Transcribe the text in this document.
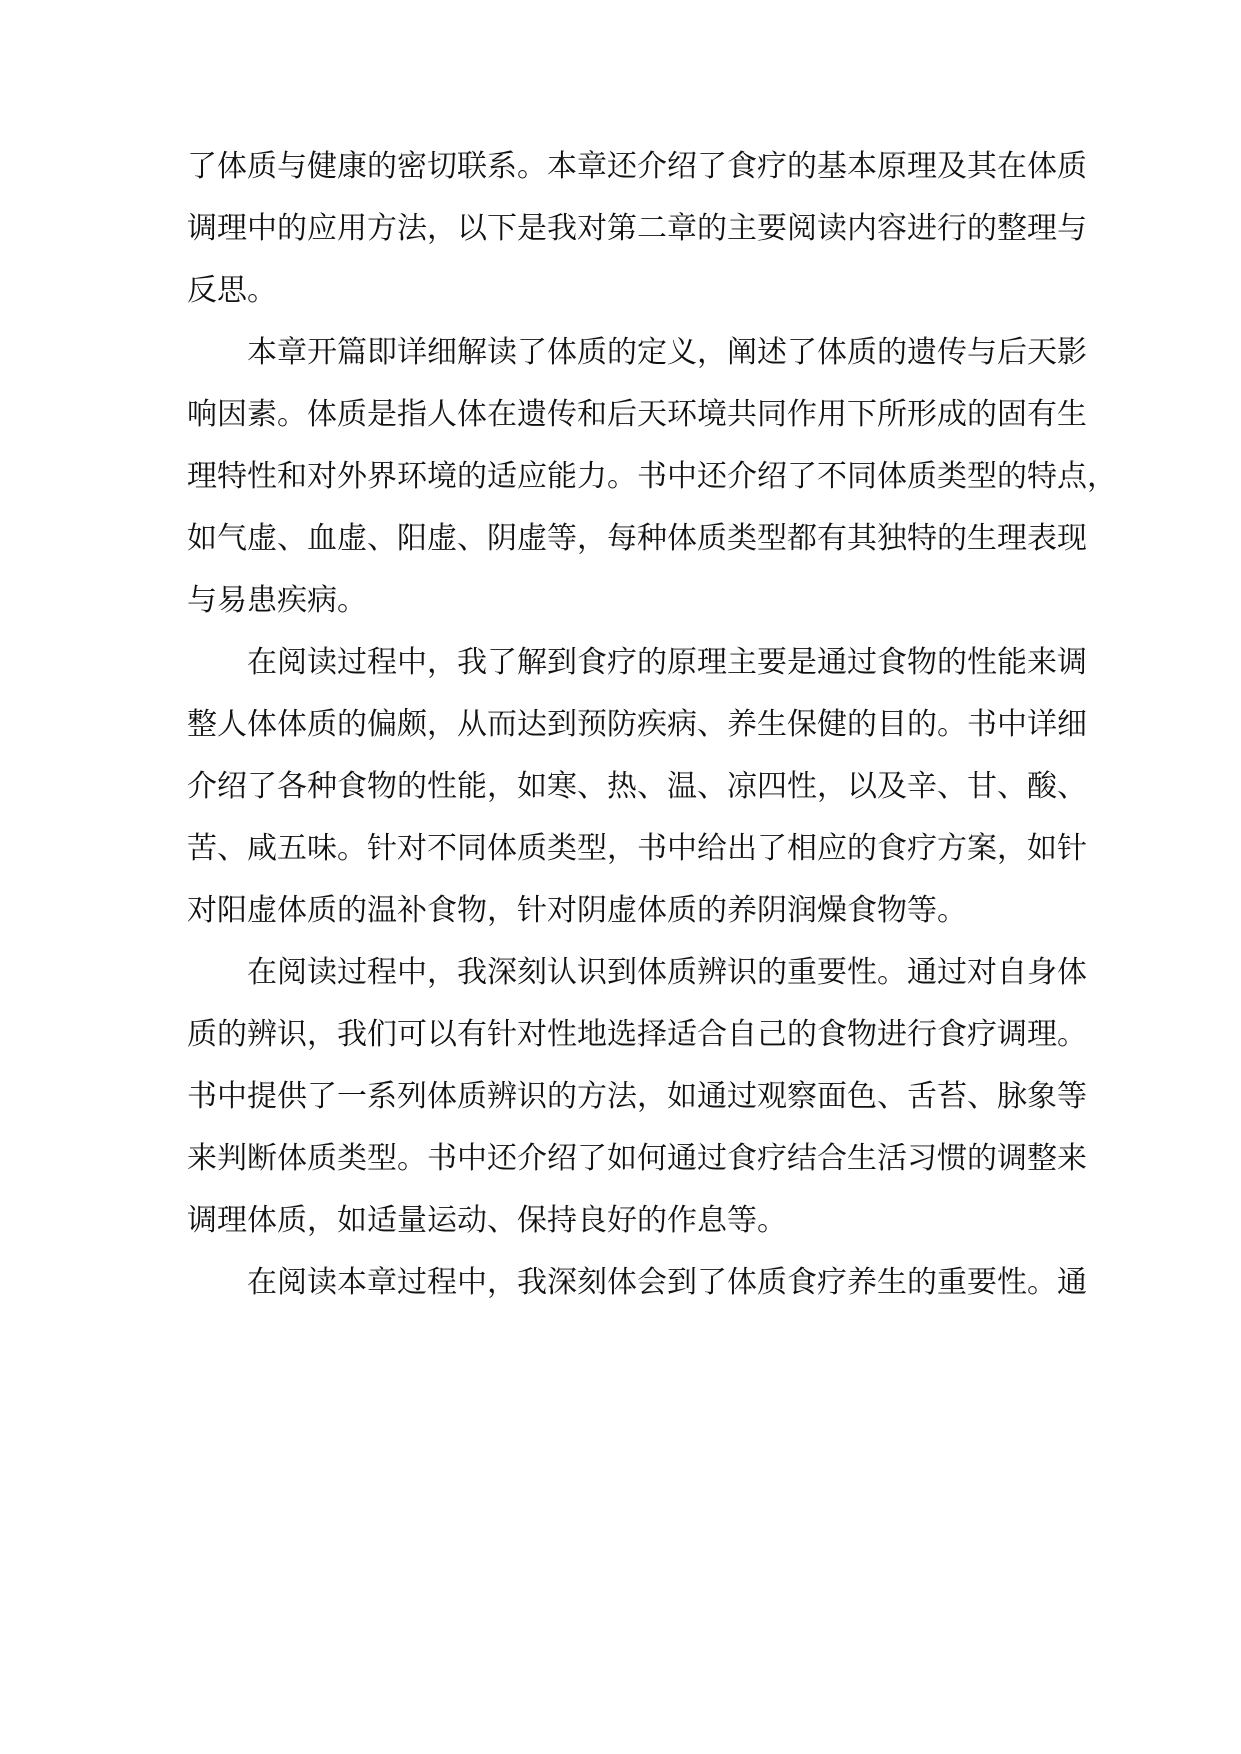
了体质与健康的密切联系。本章还介绍了食疗的基本原理及其在体质
调理中的应用方法，以下是我对第二章的主要阅读内容进行的整理与
反思。

本章开篇即详细解读了体质的定义，阐述了体质的遗传与后天影
响因素。体质是指人体在遗传和后天环境共同作用下所形成的固有生
理特性和对外界环境的适应能力。书中还介绍了不同体质类型的特点，
如气虚、血虚、阳虚、阴虚等，每种体质类型都有其独特的生理表现
与易患疾病。

在阅读过程中，我了解到食疗的原理主要是通过食物的性能来调
整人体体质的偏颇，从而达到预防疾病、养生保健的目的。书中详细
介绍了各种食物的性能，如寒、热、温、凉四性，以及辛、甘、酸、
苦、咸五味。针对不同体质类型，书中给出了相应的食疗方案，如针
对阳虚体质的温补食物，针对阴虚体质的养阴润燥食物等。

在阅读过程中，我深刻认识到体质辨识的重要性。通过对自身体
质的辨识，我们可以有针对性地选择适合自己的食物进行食疗调理。
书中提供了一系列体质辨识的方法，如通过观察面色、舌苔、脉象等
来判断体质类型。书中还介绍了如何通过食疗结合生活习惯的调整来
调理体质，如适量运动、保持良好的作息等。

在阅读本章过程中，我深刻体会到了体质食疗养生的重要性。通
